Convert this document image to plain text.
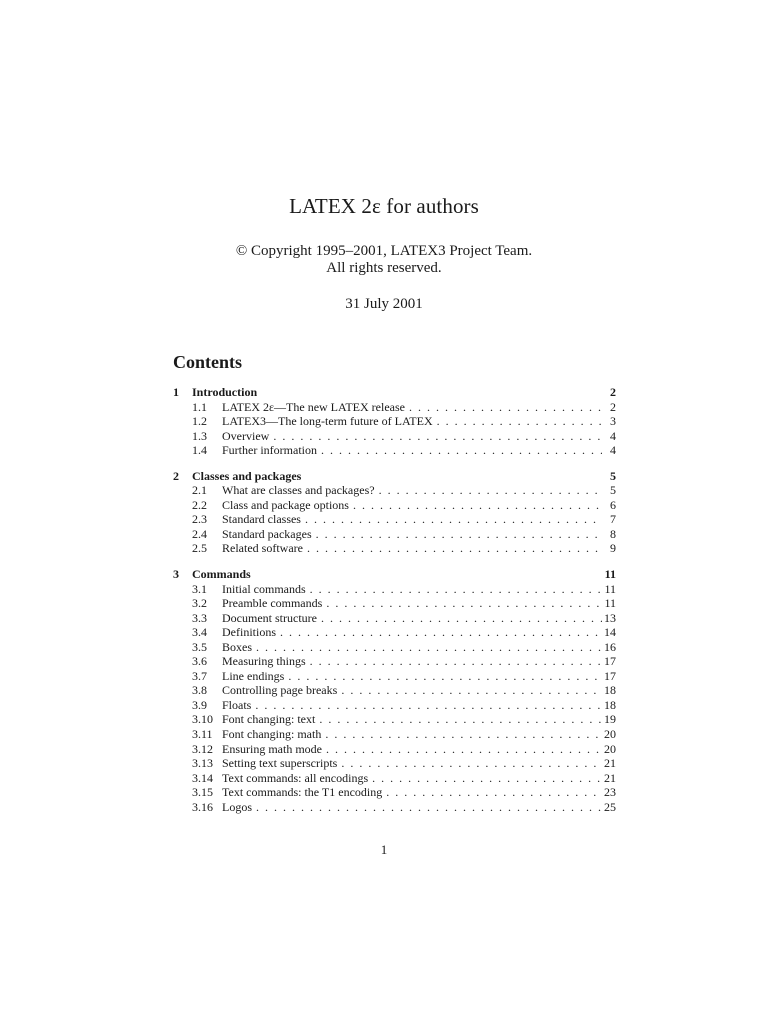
LATEX 2ε for authors
© Copyright 1995–2001, LATEX3 Project Team.
All rights reserved.
31 July 2001
Contents
1	Introduction	2
1.1	LATEX 2ε—The new LATEX release . . .	2
1.2	LATEX3—The long-term future of LATEX . . .	3
1.3	Overview . . .	4
1.4	Further information . . .	4
2	Classes and packages	5
2.1	What are classes and packages? . . .	5
2.2	Class and package options . . .	6
2.3	Standard classes . . .	7
2.4	Standard packages . . .	8
2.5	Related software . . .	9
3	Commands	11
3.1	Initial commands . . .	11
3.2	Preamble commands . . .	11
3.3	Document structure . . .	13
3.4	Definitions . . .	14
3.5	Boxes . . .	16
3.6	Measuring things . . .	17
3.7	Line endings . . .	17
3.8	Controlling page breaks . . .	18
3.9	Floats . . .	18
3.10 Font changing: text . . .	19
3.11 Font changing: math . . .	20
3.12 Ensuring math mode . . .	20
3.13 Setting text superscripts . . .	21
3.14 Text commands: all encodings . . .	21
3.15 Text commands: the T1 encoding . . .	23
3.16 Logos . . .	25
1
